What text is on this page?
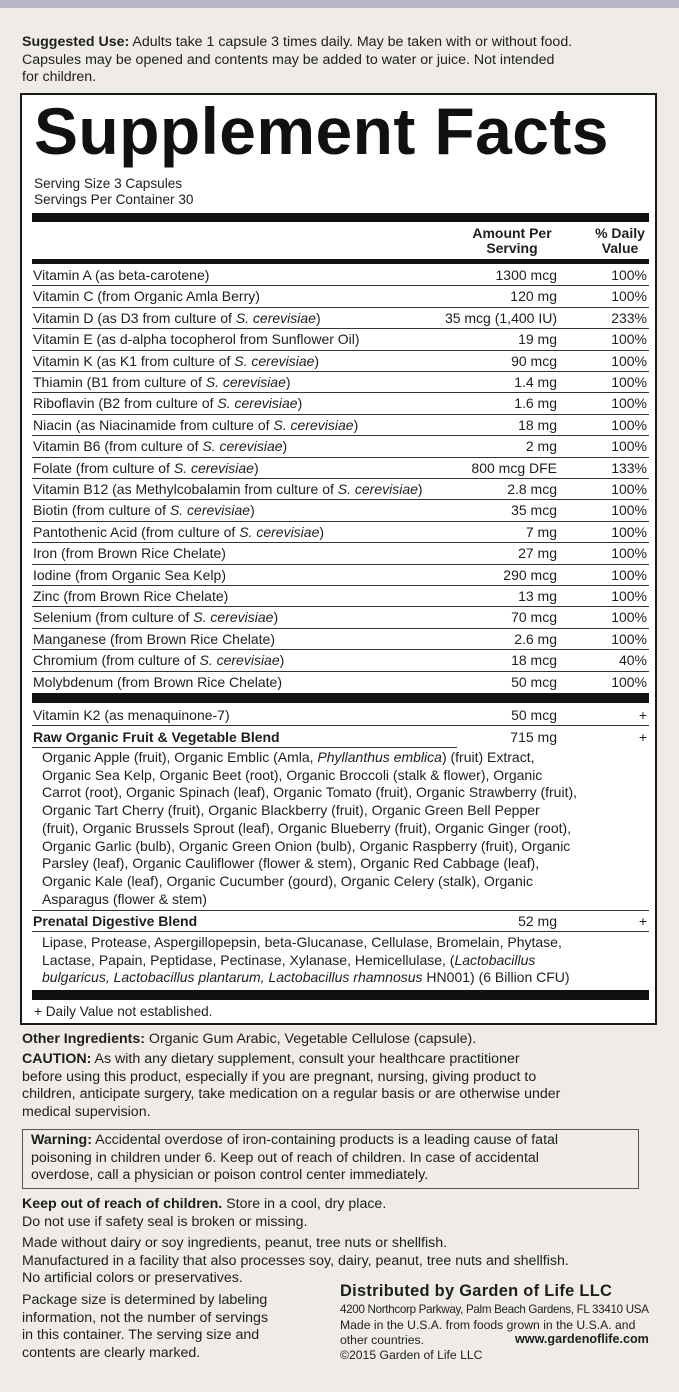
Suggested Use: Adults take 1 capsule 3 times daily. May be taken with or without food.
Capsules may be opened and contents may be added to water or juice. Not intended
for children.
Supplement Facts
Serving Size 3 Capsules
Servings Per Container 30
Amount Per
Serving
% Daily
Value
Vitamin A (as beta-carotene)	1300 mcg	100%
Vitamin C (from Organic Amla Berry)	120 mg	100%
Vitamin D (as D3 from culture of S. cerevisiae)	35 mcg (1,400 IU)	233%
Vitamin E (as d-alpha tocopherol from Sunflower Oil)	19 mg	100%
Vitamin K (as K1 from culture of S. cerevisiae)	90 mcg	100%
Thiamin (B1 from culture of S. cerevisiae)	1.4 mg	100%
Riboflavin (B2 from culture of S. cerevisiae)	1.6 mg	100%
Niacin (as Niacinamide from culture of S. cerevisiae)	18 mg	100%
Vitamin B6 (from culture of S. cerevisiae)	2 mg	100%
Folate (from culture of S. cerevisiae)	800 mcg DFE	133%
Vitamin B12 (as Methylcobalamin from culture of S. cerevisiae)	2.8 mcg	100%
Biotin (from culture of S. cerevisiae)	35 mcg	100%
Pantothenic Acid (from culture of S. cerevisiae)	7 mg	100%
Iron (from Brown Rice Chelate)	27 mg	100%
Iodine (from Organic Sea Kelp)	290 mcg	100%
Zinc (from Brown Rice Chelate)	13 mg	100%
Selenium (from culture of S. cerevisiae)	70 mcg	100%
Manganese (from Brown Rice Chelate)	2.6 mg	100%
Chromium (from culture of S. cerevisiae)	18 mcg	40%
Molybdenum (from Brown Rice Chelate)	50 mcg	100%
Vitamin K2 (as menaquinone-7)	50 mcg	+
Raw Organic Fruit & Vegetable Blend	715 mg	+
Organic Apple (fruit), Organic Emblic (Amla, Phyllanthus emblica) (fruit) Extract,
Organic Sea Kelp, Organic Beet (root), Organic Broccoli (stalk & flower), Organic
Carrot (root), Organic Spinach (leaf), Organic Tomato (fruit), Organic Strawberry (fruit),
Organic Tart Cherry (fruit), Organic Blackberry (fruit), Organic Green Bell Pepper
(fruit), Organic Brussels Sprout (leaf), Organic Blueberry (fruit), Organic Ginger (root),
Organic Garlic (bulb), Organic Green Onion (bulb), Organic Raspberry (fruit), Organic
Parsley (leaf), Organic Cauliflower (flower & stem), Organic Red Cabbage (leaf),
Organic Kale (leaf), Organic Cucumber (gourd), Organic Celery (stalk), Organic
Asparagus (flower & stem)
Prenatal Digestive Blend	52 mg	+
Lipase, Protease, Aspergillopepsin, beta-Glucanase, Cellulase, Bromelain, Phytase,
Lactase, Papain, Peptidase, Pectinase, Xylanase, Hemicellulase, (Lactobacillus
bulgaricus, Lactobacillus plantarum, Lactobacillus rhamnosus HN001) (6 Billion CFU)
+ Daily Value not established.
Other Ingredients: Organic Gum Arabic, Vegetable Cellulose (capsule).
CAUTION: As with any dietary supplement, consult your healthcare practitioner
before using this product, especially if you are pregnant, nursing, giving product to
children, anticipate surgery, take medication on a regular basis or are otherwise under
medical supervision.
Warning: Accidental overdose of iron-containing products is a leading cause of fatal
poisoning in children under 6. Keep out of reach of children. In case of accidental
overdose, call a physician or poison control center immediately.
Keep out of reach of children. Store in a cool, dry place.
Do not use if safety seal is broken or missing.
Made without dairy or soy ingredients, peanut, tree nuts or shellfish.
Manufactured in a facility that also processes soy, dairy, peanut, tree nuts and shellfish.
No artificial colors or preservatives.
Package size is determined by labeling
information, not the number of servings
in this container. The serving size and
contents are clearly marked.
Distributed by Garden of Life LLC
4200 Northcorp Parkway, Palm Beach Gardens, FL 33410 USA
Made in the U.S.A. from foods grown in the U.S.A. and
other countries.	www.gardenoflife.com
©2015 Garden of Life LLC
